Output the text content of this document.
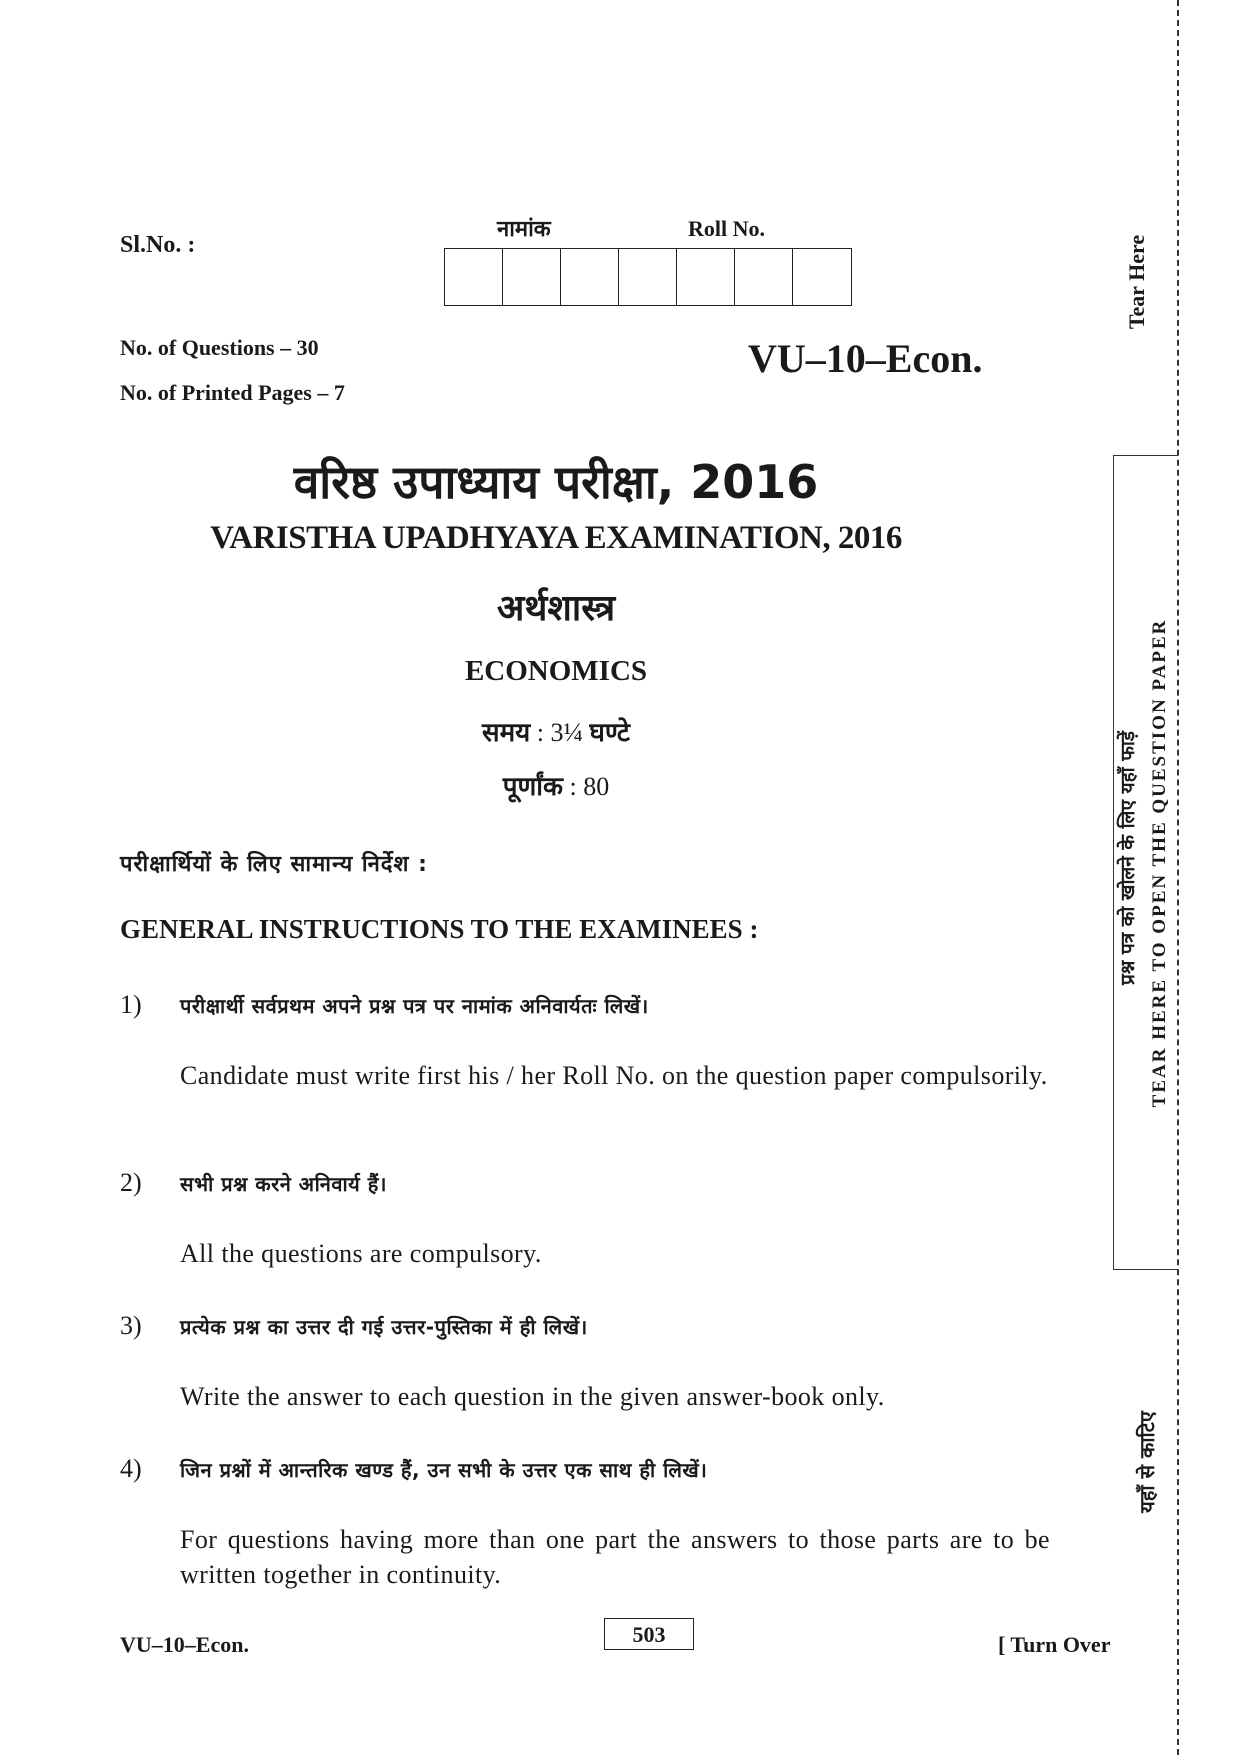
Sl.No. :
नामांक	Roll No.
No. of Questions – 30
No. of Printed Pages – 7
VU–10–Econ.
वरिष्ठ उपाध्याय परीक्षा, 2016
VARISTHA UPADHYAYA EXAMINATION, 2016
अर्थशास्त्र
ECONOMICS
समय : 3¼ घण्टे
पूर्णांक : 80
परीक्षार्थियों के लिए सामान्य निर्देश :
GENERAL INSTRUCTIONS TO THE EXAMINEES :
1) परीक्षार्थी सर्वप्रथम अपने प्रश्न पत्र पर नामांक अनिवार्यतः लिखें।
Candidate must write first his / her Roll No. on the question paper compulsorily.
2) सभी प्रश्न करने अनिवार्य हैं।
All the questions are compulsory.
3) प्रत्येक प्रश्न का उत्तर दी गई उत्तर-पुस्तिका में ही लिखें।
Write the answer to each question in the given answer-book only.
4) जिन प्रश्नों में आन्तरिक खण्ड हैं, उन सभी के उत्तर एक साथ ही लिखें।
For questions having more than one part the answers to those parts are to be written together in continuity.
VU–10–Econ.	503	[ Turn Over
Tear Here
TEAR HERE TO OPEN THE QUESTION PAPER
प्रश्न पत्र को खोलने के लिए यहाँ फाड़ें
यहाँ से काटिए
